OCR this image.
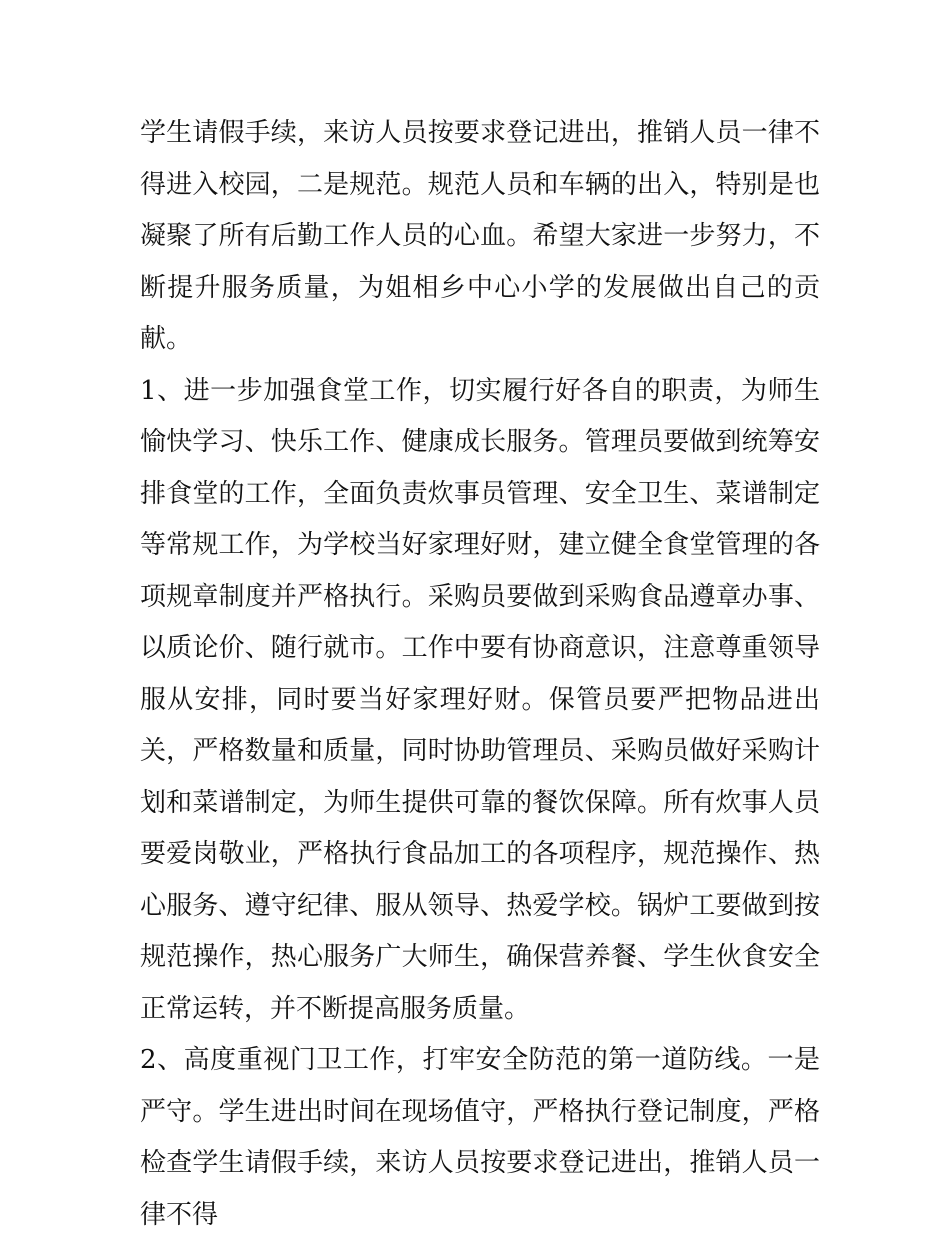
学生请假手续，来访人员按要求登记进出，推销人员一律不得进入校园，二是规范。规范人员和车辆的出入，特别是也凝聚了所有后勤工作人员的心血。希望大家进一步努力，不断提升服务质量，为姐相乡中心小学的发展做出自己的贡献。

1、进一步加强食堂工作，切实履行好各自的职责，为师生愉快学习、快乐工作、健康成长服务。管理员要做到统筹安排食堂的工作，全面负责炊事员管理、安全卫生、菜谱制定等常规工作，为学校当好家理好财，建立健全食堂管理的各项规章制度并严格执行。采购员要做到采购食品遵章办事、以质论价、随行就市。工作中要有协商意识，注意尊重领导服从安排，同时要当好家理好财。保管员要严把物品进出关，严格数量和质量，同时协助管理员、采购员做好采购计划和菜谱制定，为师生提供可靠的餐饮保障。所有炊事人员要爱岗敬业，严格执行食品加工的各项程序，规范操作、热心服务、遵守纪律、服从领导、热爱学校。锅炉工要做到按规范操作，热心服务广大师生，确保营养餐、学生伙食安全正常运转，并不断提高服务质量。

2、高度重视门卫工作，打牢安全防范的第一道防线。一是严守。学生进出时间在现场值守，严格执行登记制度，严格检查学生请假手续，来访人员按要求登记进出，推销人员一律不得
